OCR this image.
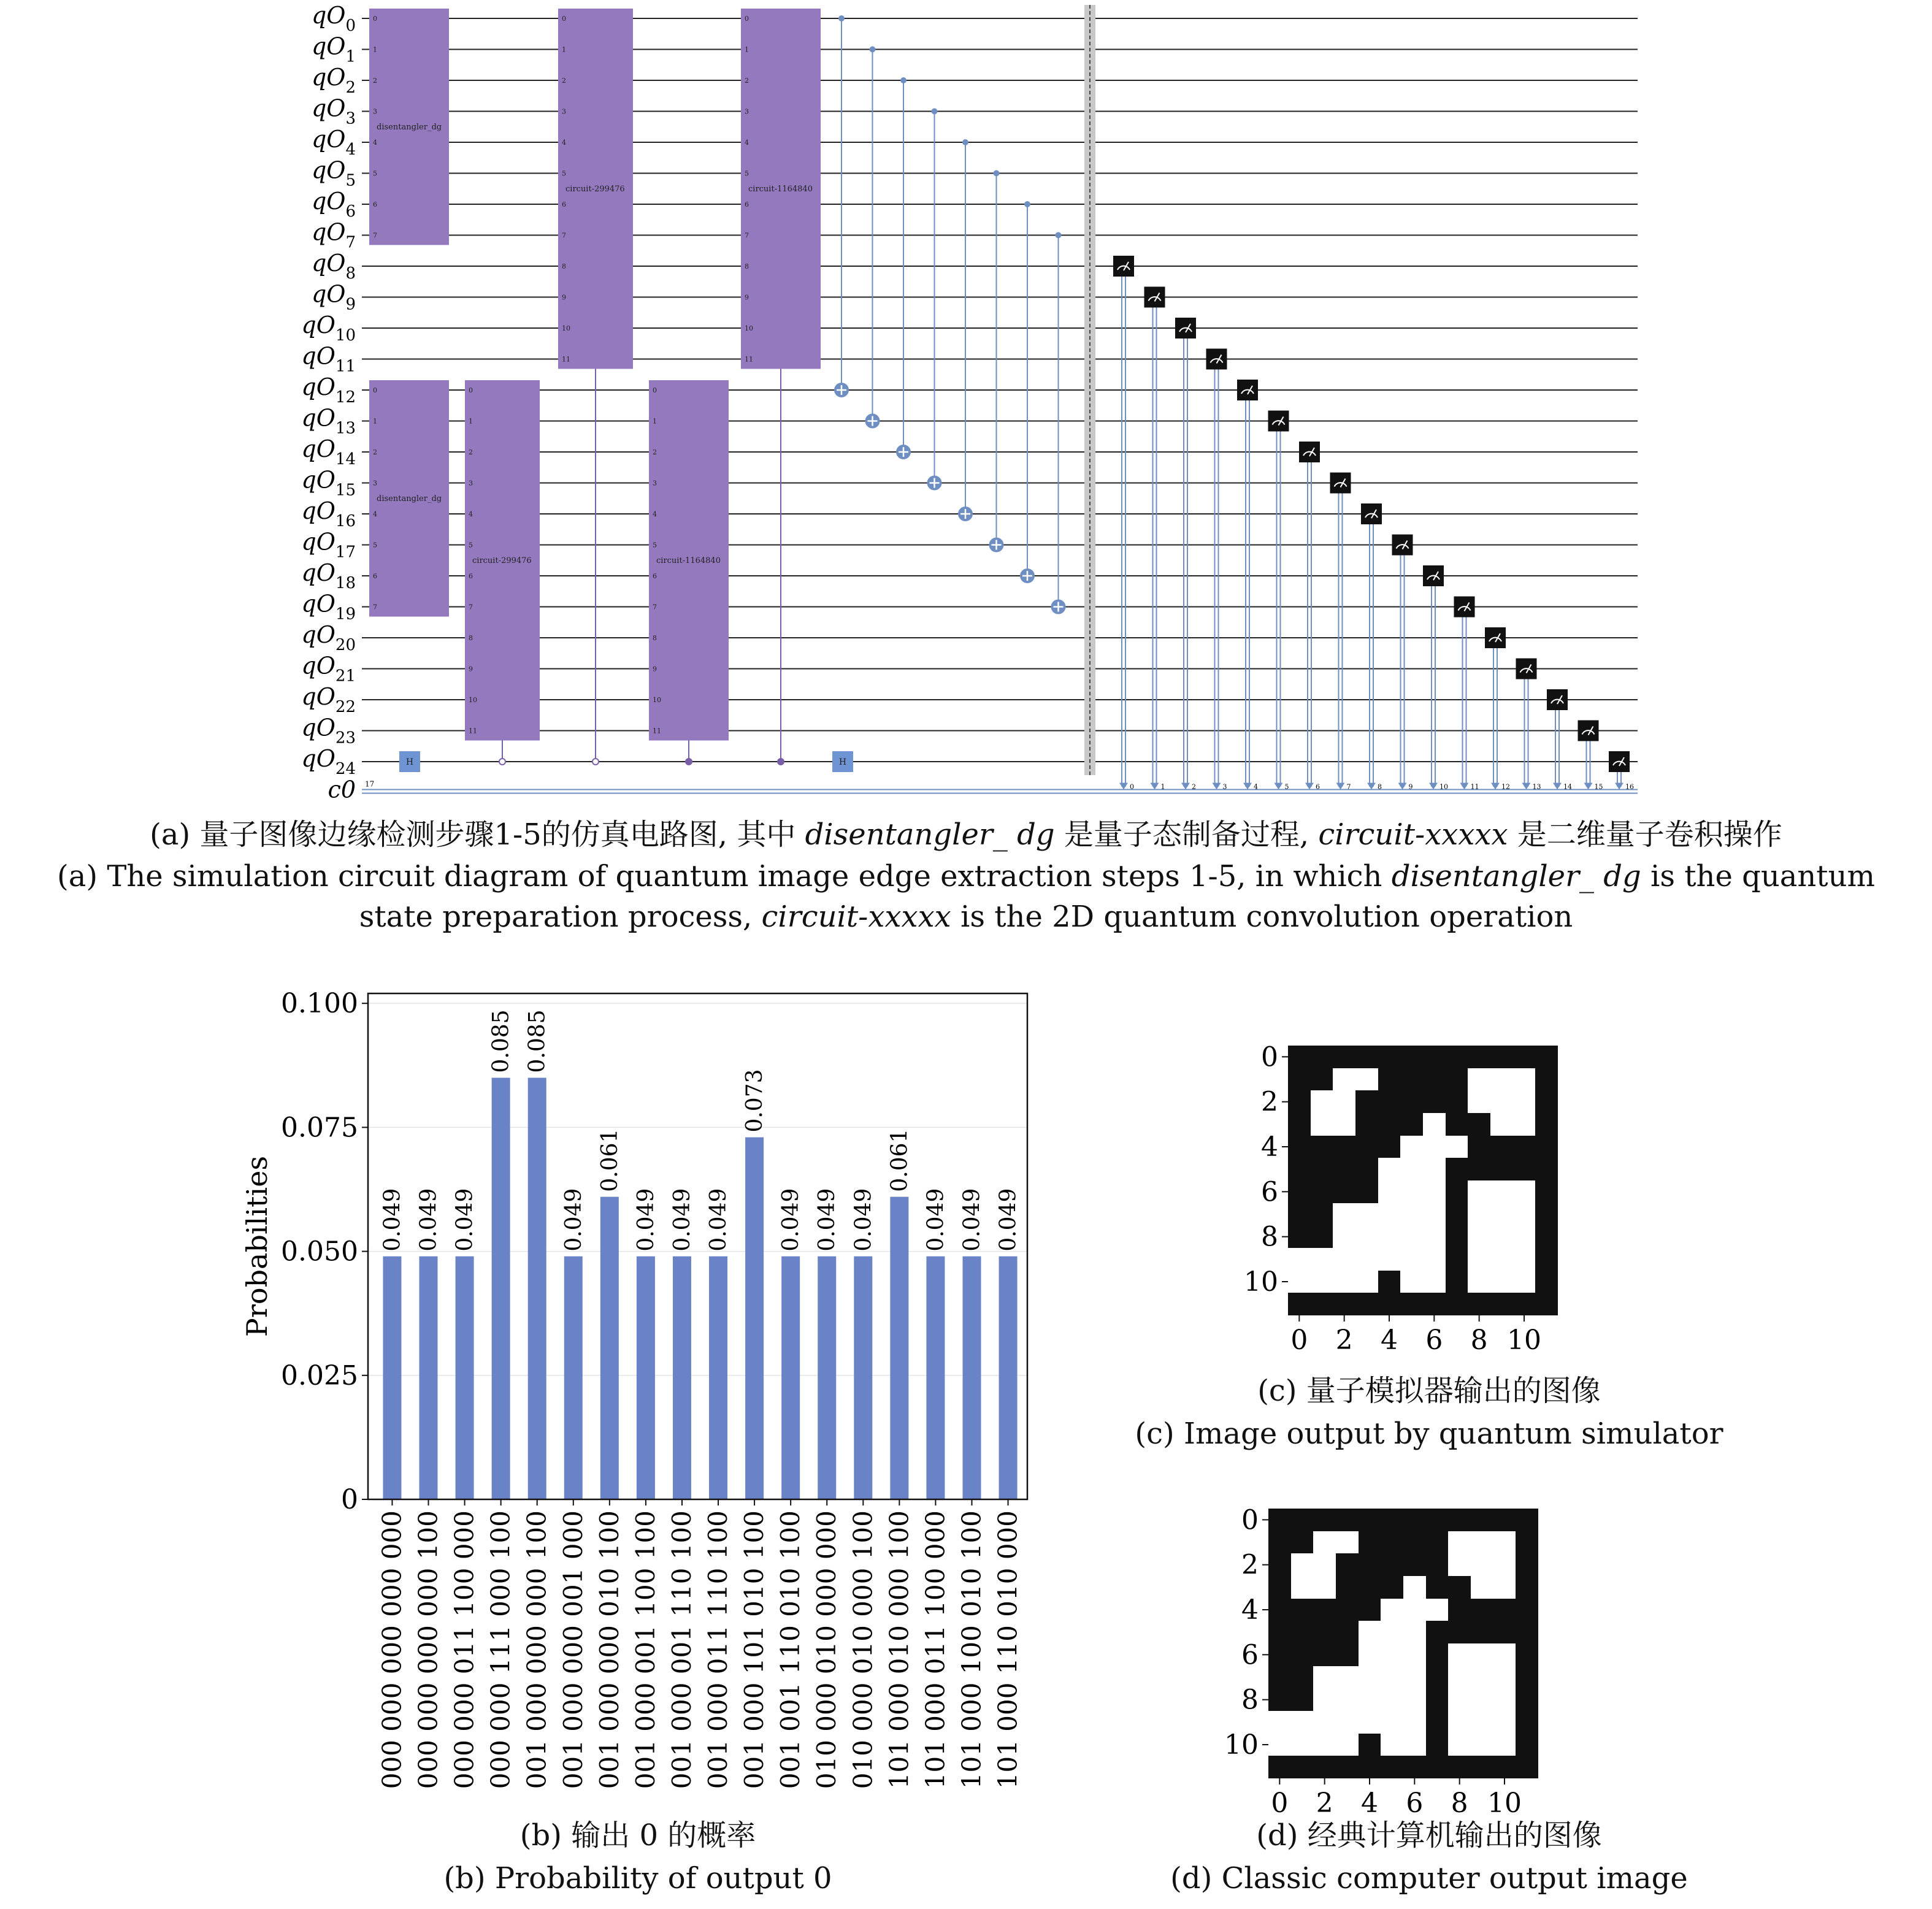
$qO_0$
$qO_1$
$qO_2$
$qO_3$
$qO_4$
$qO_5$
$qO_6$
$qO_7$
$qO_8$
$qO_9$
$qO_{10}$
$qO_{11}$
$qO_{12}$
$qO_{13}$
$qO_{14}$
$qO_{15}$
$qO_{16}$
$qO_{17}$
$qO_{18}$
$qO_{19}$
$qO_{20}$
$qO_{21}$
$qO_{22}$
$qO_{23}$
$qO_{24}$
c0 17
0
1
2
3
4
5
6
7
disentangler_dg
0
1
2
3
4
5
6
7
disentangler_dg
0
1
2
3
4
5
6
7
8
9
10
11
circuit-299476
0
1
2
3
4
5
6
7
8
9
10
11
circuit-299476
0
1
2
3
4
5
6
7
8
9
10
11
circuit-1164840
0
1
2
3
4
5
6
7
8
9
10
11
circuit-1164840
H	H
0	1	2	3	4	5	6	7	8	9	10	11	12	13	14	15	16
(a) 量子图像边缘检测步骤1-5的仿真电路图, 其中 disentangler_ dg 是量子态制备过程, circuit-xxxxx 是二维量子卷积操作
(a) The simulation circuit diagram of quantum image edge extraction steps 1-5, in which disentangler_ dg is the quantum state preparation process, circuit-xxxxx is the 2D quantum convolution operation
0
0.025
0.050
0.075
0.100
Probabilities	0.049
000 000 000 000 000
0.049
000 000 000 000 100
0.049
000 000 011 100 000
0.085
000 000 111 000 100
0.085
001 000 000 000 100
0.049
001 000 000 001 000
0.061
001 000 000 010 100
0.049
001 000 001 100 100
0.049
001 000 001 110 100
0.049
001 000 011 110 100
0.073
001 000 101 010 100
0.049
001 001 110 010 100
0.049
010 000 010 000 000
0.049
010 000 010 000 100
0.061
101 000 010 000 100
0.049
101 000 011 100 000
0.049
101 000 100 010 100
0.049
101 000 110 010 000
(b) 输出 0 的概率
(b) Probability of output 0
0
0
2
2
4
4
6
6
8
8
10
10
(c) 量子模拟器输出的图像
(c) Image output by quantum simulator
0
0
2
2
4
4
6
6
8
8
10
10
(d) 经典计算机输出的图像
(d) Classic computer output image
